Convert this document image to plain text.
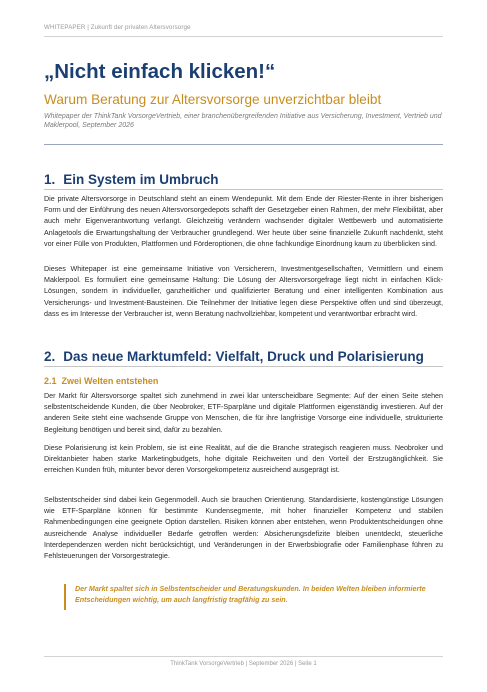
WHITEPAPER | Zukunft der privaten Altersvorsorge
„Nicht einfach klicken!“
Warum Beratung zur Altersvorsorge unverzichtbar bleibt
Whitepaper der ThinkTank VorsorgeVertrieb, einer branchenübergreifenden Initiative aus Versicherung, Investment, Vertrieb und Maklerpool, September 2026
1. Ein System im Umbruch

Die private Altersvorsorge in Deutschland steht an einem Wendepunkt. Mit dem Ende der Riester-Rente in ihrer bisherigen Form und der Einführung des neuen Altersvorsorgedepots schafft der Gesetzgeber einen Rahmen, der mehr Flexibilität, aber auch mehr Eigenverantwortung verlangt. Gleichzeitig verändern wachsender digitaler Wettbewerb und automatisierte Anlagetools die Erwartungshaltung der Verbraucher grundlegend. Wer heute über seine finanzielle Zukunft nachdenkt, steht vor einer Fülle von Produkten, Plattformen und Förderoptionen, die ohne fachkundige Einordnung kaum zu überblicken sind.

Dieses Whitepaper ist eine gemeinsame Initiative von Versicherern, Investmentgesellschaften, Vermittlern und einem Maklerpool. Es formuliert eine gemeinsame Haltung: Die Lösung der Altersvorsorgefrage liegt nicht in einfachen Klick-Lösungen, sondern in individueller, ganzheitlicher und qualifizierter Beratung und einer intelligenten Kombination aus Versicherungs- und Investment-Bausteinen. Die Teilnehmer der Initiative legen diese Perspektive offen und sind überzeugt, dass es im Interesse der Verbraucher ist, wenn Beratung nachvollziehbar, kompetent und verantwortbar erbracht wird.

2. Das neue Marktumfeld: Vielfalt, Druck und Polarisierung
2.1 Zwei Welten entstehen

Der Markt für Altersvorsorge spaltet sich zunehmend in zwei klar unterscheidbare Segmente: Auf der einen Seite stehen selbstentscheidende Kunden, die über Neobroker, ETF-Sparpläne und digitale Plattformen eigenständig investieren. Auf der anderen Seite steht eine wachsende Gruppe von Menschen, die für ihre langfristige Vorsorge eine individuelle, strukturierte Begleitung benötigen und bereit sind, dafür zu bezahlen.

Diese Polarisierung ist kein Problem, sie ist eine Realität, auf die die Branche strategisch reagieren muss. Neobroker und Direktanbieter haben starke Marketingbudgets, hohe digitale Reichweiten und den Vorteil der Erstzugänglichkeit. Sie erreichen Kunden früh, mitunter bevor deren Vorsorgekompetenz ausreichend ausgeprägt ist.

Selbstentscheider sind dabei kein Gegenmodell. Auch sie brauchen Orientierung. Standardisierte, kostengünstige Lösungen wie ETF-Sparpläne können für bestimmte Kundensegmente, mit hoher finanzieller Kompetenz und stabilen Rahmenbedingungen eine geeignete Option darstellen. Risiken können aber entstehen, wenn Produktentscheidungen ohne ausreichende Analyse individueller Bedarfe getroffen werden: Absicherungsdefizite bleiben unentdeckt, steuerliche Interdependenzen werden nicht berücksichtigt, und Veränderungen in der Erwerbsbiografie oder Familienphase führen zu Fehlsteuerungen der Vorsorgestrategie.

Der Markt spaltet sich in Selbstentscheider und Beratungskunden. In beiden Welten bleiben informierte Entscheidungen wichtig, um auch langfristig tragfähig zu sein.

ThinkTank VorsorgeVertrieb | September 2026 | Seite 1
